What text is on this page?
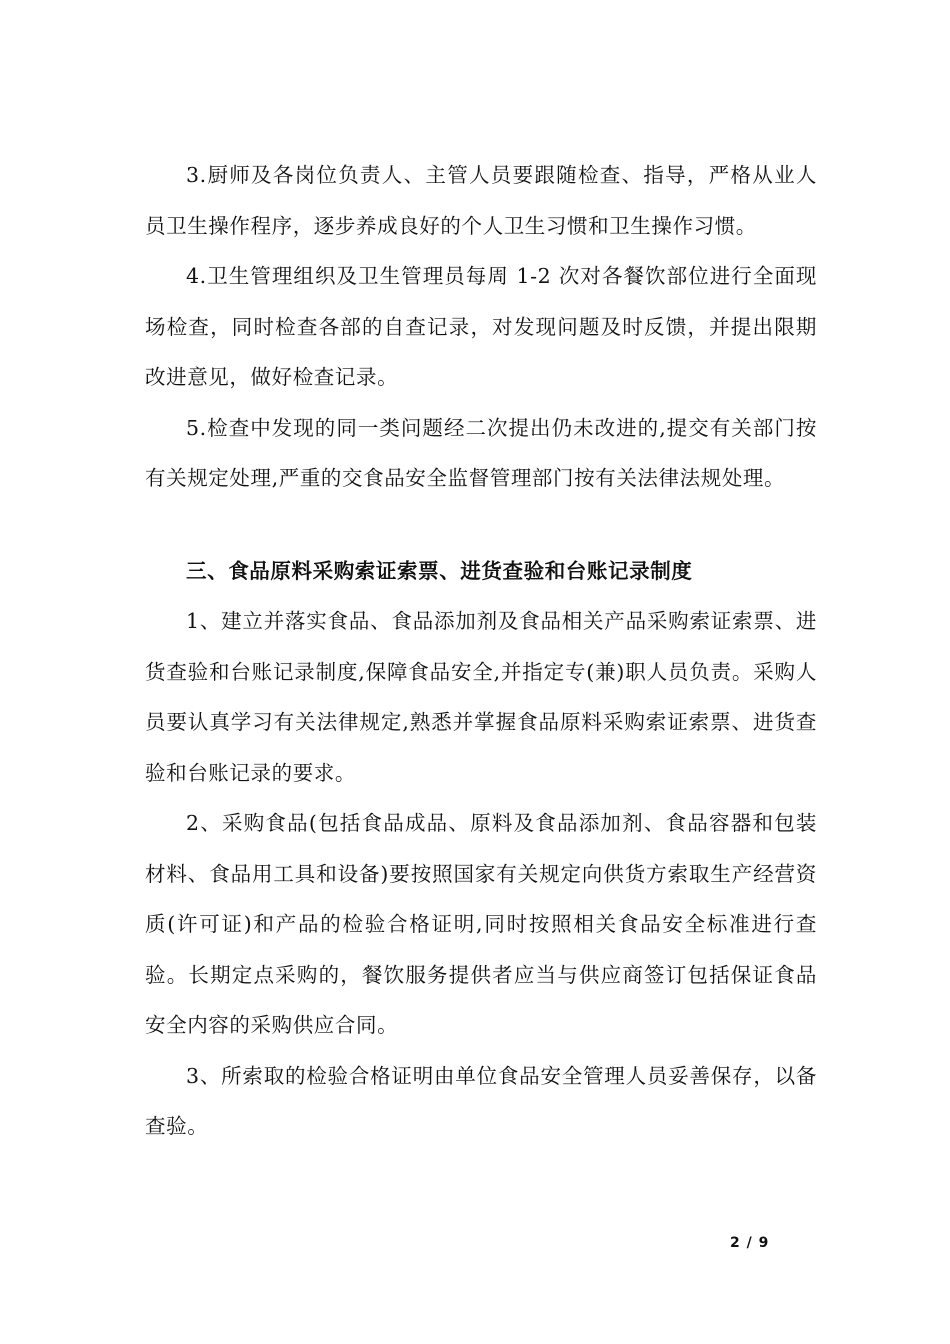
3.厨师及各岗位负责人、主管人员要跟随检查、指导，严格从业人员卫生操作程序，逐步养成良好的个人卫生习惯和卫生操作习惯。

4.卫生管理组织及卫生管理员每周 1-2 次对各餐饮部位进行全面现场检查，同时检查各部的自查记录，对发现问题及时反馈，并提出限期改进意见，做好检查记录。

5.检查中发现的同一类问题经二次提出仍未改进的,提交有关部门按有关规定处理,严重的交食品安全监督管理部门按有关法律法规处理。

三、食品原料采购索证索票、进货查验和台账记录制度

1、建立并落实食品、食品添加剂及食品相关产品采购索证索票、进货查验和台账记录制度,保障食品安全,并指定专(兼)职人员负责。采购人员要认真学习有关法律规定,熟悉并掌握食品原料采购索证索票、进货查验和台账记录的要求。

2、采购食品(包括食品成品、原料及食品添加剂、食品容器和包装材料、食品用工具和设备)要按照国家有关规定向供货方索取生产经营资质(许可证)和产品的检验合格证明,同时按照相关食品安全标准进行查验。长期定点采购的，餐饮服务提供者应当与供应商签订包括保证食品安全内容的采购供应合同。

3、所索取的检验合格证明由单位食品安全管理人员妥善保存，以备查验。

2 / 9
